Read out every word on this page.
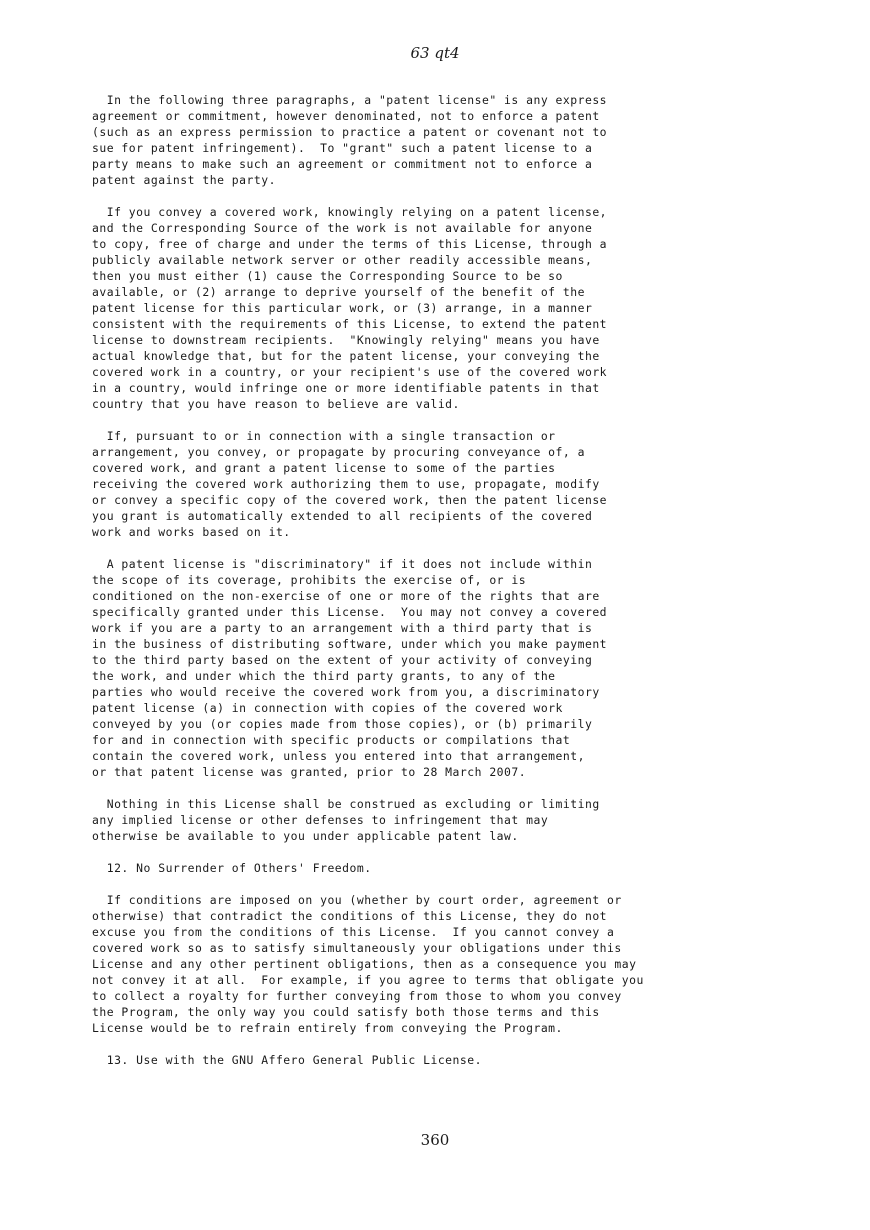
63 qt4

In the following three paragraphs, a "patent license" is any express
agreement or commitment, however denominated, not to enforce a patent
(such as an express permission to practice a patent or covenant not to
sue for patent infringement).  To "grant" such a patent license to a
party means to make such an agreement or commitment not to enforce a
patent against the party.

If you convey a covered work, knowingly relying on a patent license,
and the Corresponding Source of the work is not available for anyone
to copy, free of charge and under the terms of this License, through a
publicly available network server or other readily accessible means,
then you must either (1) cause the Corresponding Source to be so
available, or (2) arrange to deprive yourself of the benefit of the
patent license for this particular work, or (3) arrange, in a manner
consistent with the requirements of this License, to extend the patent
license to downstream recipients.  "Knowingly relying" means you have
actual knowledge that, but for the patent license, your conveying the
covered work in a country, or your recipient's use of the covered work
in a country, would infringe one or more identifiable patents in that
country that you have reason to believe are valid.

If, pursuant to or in connection with a single transaction or
arrangement, you convey, or propagate by procuring conveyance of, a
covered work, and grant a patent license to some of the parties
receiving the covered work authorizing them to use, propagate, modify
or convey a specific copy of the covered work, then the patent license
you grant is automatically extended to all recipients of the covered
work and works based on it.

A patent license is "discriminatory" if it does not include within
the scope of its coverage, prohibits the exercise of, or is
conditioned on the non-exercise of one or more of the rights that are
specifically granted under this License.  You may not convey a covered
work if you are a party to an arrangement with a third party that is
in the business of distributing software, under which you make payment
to the third party based on the extent of your activity of conveying
the work, and under which the third party grants, to any of the
parties who would receive the covered work from you, a discriminatory
patent license (a) in connection with copies of the covered work
conveyed by you (or copies made from those copies), or (b) primarily
for and in connection with specific products or compilations that
contain the covered work, unless you entered into that arrangement,
or that patent license was granted, prior to 28 March 2007.

Nothing in this License shall be construed as excluding or limiting
any implied license or other defenses to infringement that may
otherwise be available to you under applicable patent law.

12. No Surrender of Others' Freedom.

If conditions are imposed on you (whether by court order, agreement or
otherwise) that contradict the conditions of this License, they do not
excuse you from the conditions of this License.  If you cannot convey a
covered work so as to satisfy simultaneously your obligations under this
License and any other pertinent obligations, then as a consequence you may
not convey it at all.  For example, if you agree to terms that obligate you
to collect a royalty for further conveying from those to whom you convey
the Program, the only way you could satisfy both those terms and this
License would be to refrain entirely from conveying the Program.

13. Use with the GNU Affero General Public License.

360
